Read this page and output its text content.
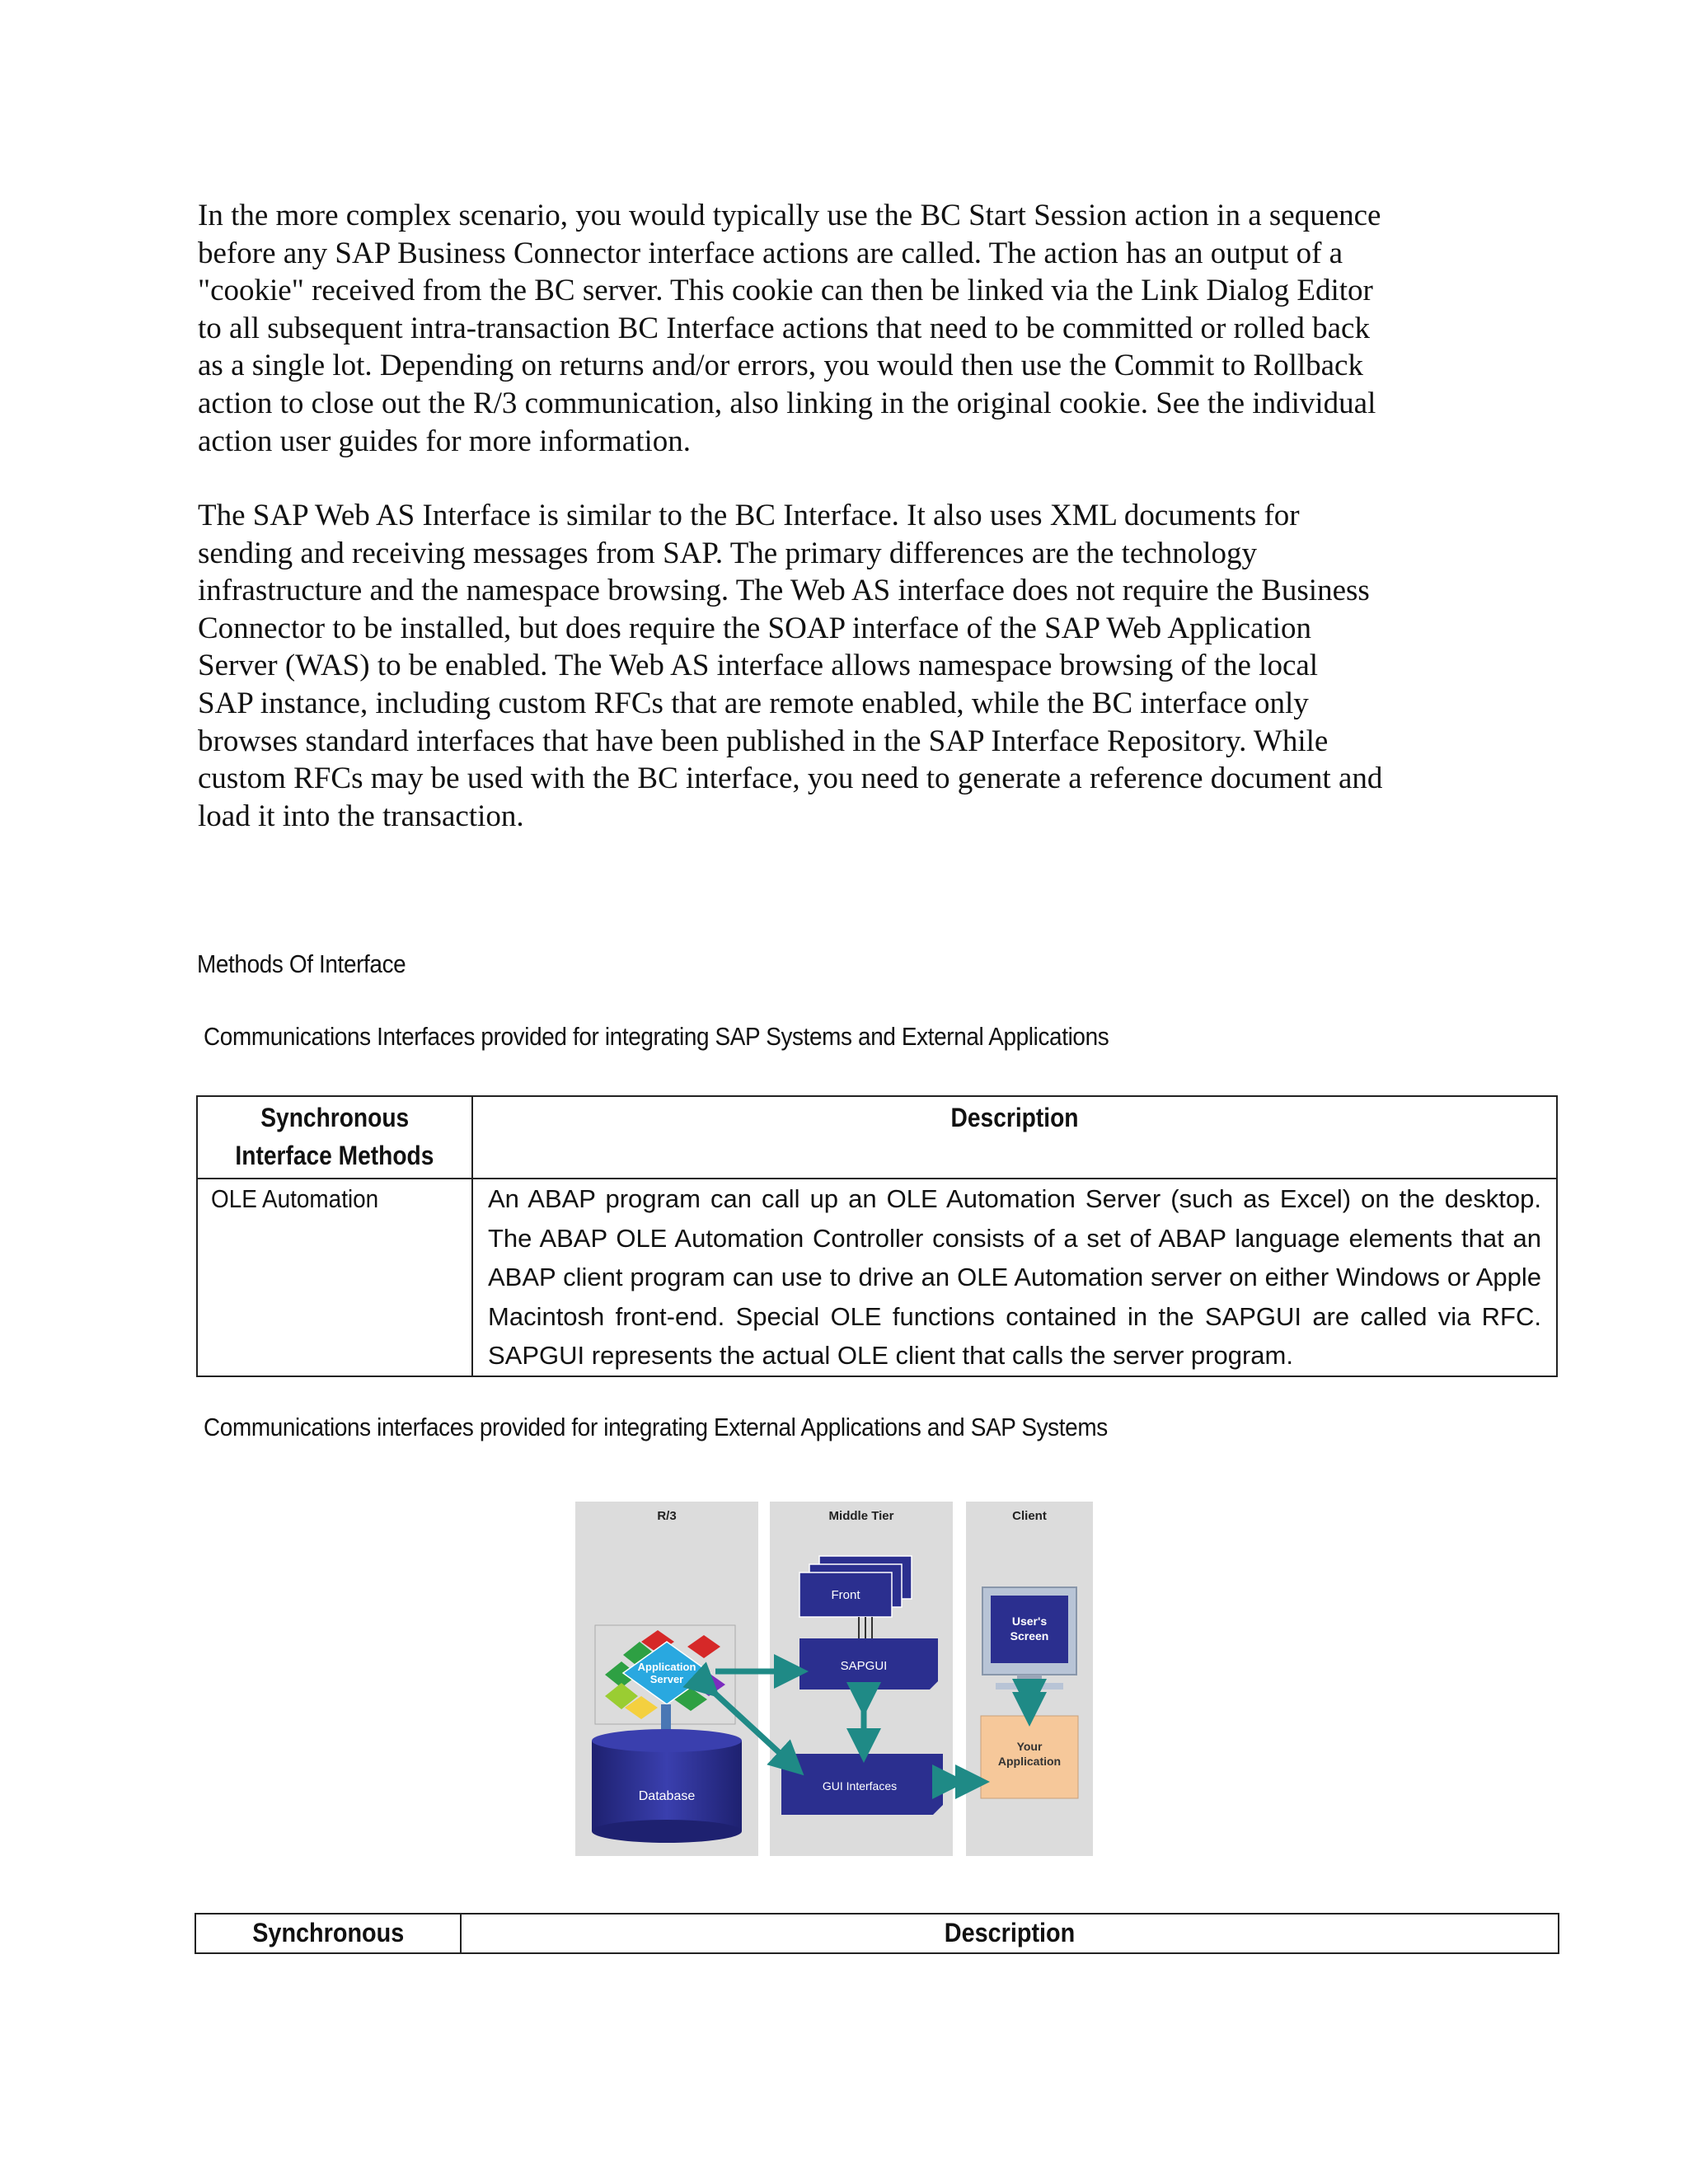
In the more complex scenario, you would typically use the BC Start Session action in a sequence
before any SAP Business Connector interface actions are called. The action has an output of a
"cookie" received from the BC server. This cookie can then be linked via the Link Dialog Editor
to all subsequent intra-transaction BC Interface actions that need to be committed or rolled back
as a single lot. Depending on returns and/or errors, you would then use the Commit to Rollback
action to close out the R/3 communication, also linking in the original cookie. See the individual
action user guides for more information.

The SAP Web AS Interface is similar to the BC Interface. It also uses XML documents for
sending and receiving messages from SAP. The primary differences are the technology
infrastructure and the namespace browsing. The Web AS interface does not require the Business
Connector to be installed, but does require the SOAP interface of the SAP Web Application
Server (WAS) to be enabled. The Web AS interface allows namespace browsing of the local
SAP instance, including custom RFCs that are remote enabled, while the BC interface only
browses standard interfaces that have been published in the SAP Interface Repository. While
custom RFCs may be used with the BC interface, you need to generate a reference document and
load it into the transaction.

Methods Of Interface
Communications Interfaces provided for integrating SAP Systems and External Applications
Synchronous
Interface Methods	Description
OLE Automation	An ABAP program can call up an OLE Automation Server (such as Excel) on the desktop. The ABAP OLE Automation Controller consists of a set of ABAP language elements that an ABAP client program can use to drive an OLE Automation server on either Windows or Apple Macintosh front-end. Special OLE functions contained in the SAPGUI are called via RFC. SAPGUI represents the actual OLE client that calls the server program.
Communications interfaces provided for integrating External Applications and SAP Systems
R/3	Middle Tier	Client
Front
SAPGUI
Application
Server
Database
GUI Interfaces
User's
Screen
Your
Application
Synchronous	Description
